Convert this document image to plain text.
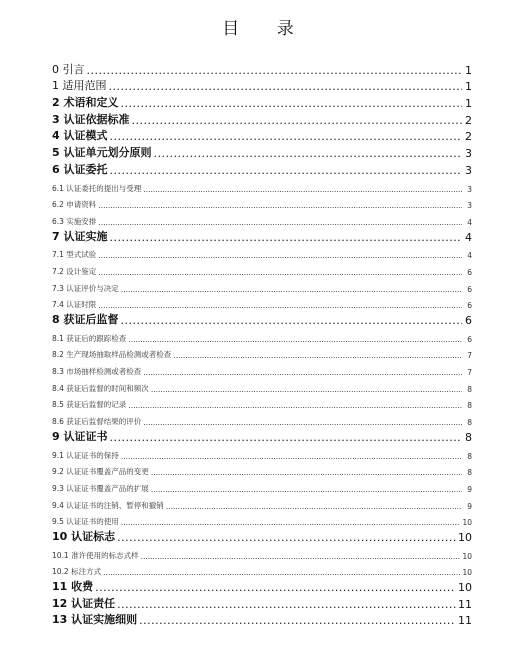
目 录
0 引言 .....	1
1 适用范围 .....	1
2 术语和定义 .....	1
3 认证依据标准 .....	2
4 认证模式 .....	2
5 认证单元划分原则 .....	3
6 认证委托 .....	3
6.1 认证委托的提出与受理 .....	3
6.2 申请资料 .....	3
6.3 实施安排 .....	4
7 认证实施 .....	4
7.1 型式试验 .....	4
7.2 设计鉴定 .....	6
7.3 认证评价与决定 .....	6
7.4 认证时限 .....	6
8 获证后监督 .....	6
8.1 获证后的跟踪检查 .....	6
8.2 生产现场抽取样品检测或者检查 .....	7
8.3 市场抽样检测或者检查 .....	7
8.4 获证后监督的时间和频次 .....	8
8.5 获证后监督的记录 .....	8
8.6 获证后监督结果的评价 .....	8
9 认证证书 .....	8
9.1 认证证书的保持 .....	8
9.2 认证证书覆盖产品的变更 .....	8
9.3 认证证书覆盖产品的扩展 .....	9
9.4 认证证书的注销、暂停和撤销 .....	9
9.5 认证证书的使用 .....	10
10 认证标志 .....	10
10.1 准许使用的标志式样 .....	10
10.2 标注方式 .....	10
11 收费 .....	10
12 认证责任 .....	11
13 认证实施细则 .....	11
